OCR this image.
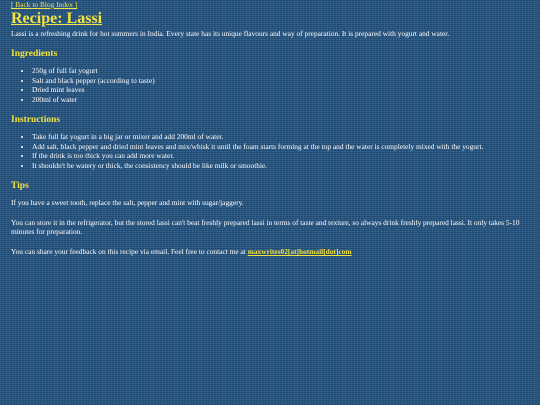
[ Back to Blog Index ]
Recipe: Lassi

Lassi is a refreshing drink for hot summers in India. Every state has its unique flavours and way of preparation. It is prepared with yogurt and water.

Ingredients
• 250g of full fat yogurt
• Salt and black pepper (according to taste)
• Dried mint leaves
• 200ml of water
Instructions
• Take full fat yogurt in a big jar or mixer and add 200ml of water.
• Add salt, black pepper and dried mint leaves and mix/whisk it until the foam starts forming at the top and the water is completely mixed with the yogurt.
• If the drink is too thick you can add more water.
• It shouldn't be watery or thick, the consistency should be like milk or smoothie.
Tips

If you have a sweet tooth, replace the salt, pepper and mint with sugar/jaggery.

You can store it in the refrigerator, but the stored lassi can't beat freshly prepared lassi in terms of taste and texture, so always drink freshly prepared lassi. It only takes 5-10 minutes for preparation.

You can share your feedback on this recipe via email. Feel free to contact me at maxwrites02[at]hotmail[dot]com
